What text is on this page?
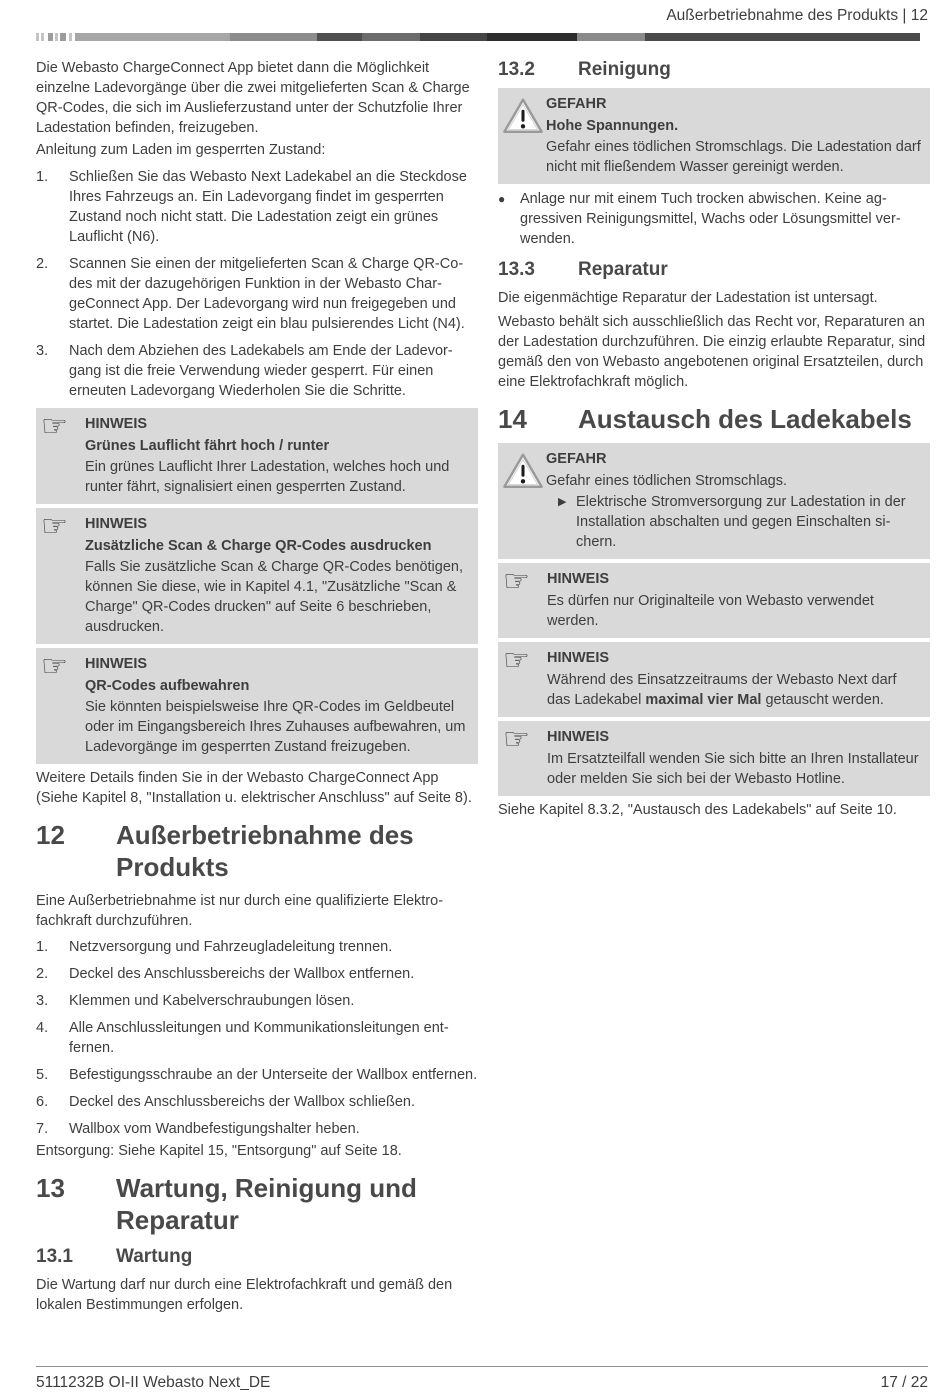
Außerbetriebnahme des Produkts | 12

Die Webasto ChargeConnect App bietet dann die Möglichkeit einzelne Ladevorgänge über die zwei mitgelieferten Scan & Charge QR-Codes, die sich im Auslieferzustand unter der Schutzfolie Ihrer Ladestation befinden, freizugeben.

Anleitung zum Laden im gesperrten Zustand:

1.	Schließen Sie das Webasto Next Ladekabel an die Steckdose Ihres Fahrzeugs an. Ein Ladevorgang findet im gesperrten Zustand noch nicht statt. Die Ladestation zeigt ein grünes Lauflicht (N6).
2.	Scannen Sie einen der mitgelieferten Scan & Charge QR-Codes mit der dazugehörigen Funktion in der Webasto ChargeConnect App. Der Ladevorgang wird nun freigegeben und startet. Die Ladestation zeigt ein blau pulsierendes Licht (N4).
3.	Nach dem Abziehen des Ladekabels am Ende der Ladevorgang ist die freie Verwendung wieder gesperrt. Für einen erneuten Ladevorgang Wiederholen Sie die Schritte.
☞	HINWEIS
Grünes Lauflicht fährt hoch / runter
Ein grünes Lauflicht Ihrer Ladestation, welches hoch und runter fährt, signalisiert einen gesperrten Zustand.
☞	HINWEIS
Zusätzliche Scan & Charge QR-Codes ausdrucken
Falls Sie zusätzliche Scan & Charge QR-Codes benötigen, können Sie diese, wie in Kapitel 4.1, "Zusätzliche "Scan & Charge" QR-Codes drucken" auf Seite 6 beschrieben, ausdrucken.
☞	HINWEIS
QR-Codes aufbewahren
Sie könnten beispielsweise Ihre QR-Codes im Geldbeutel oder im Eingangsbereich Ihres Zuhauses aufbewahren, um Ladevorgänge im gesperrten Zustand freizugeben.

Weitere Details finden Sie in der Webasto ChargeConnect App (Siehe Kapitel 8, "Installation u. elektrischer Anschluss" auf Seite 8).

12	Außerbetriebnahme des Produkts

Eine Außerbetriebnahme ist nur durch eine qualifizierte Elektrofachkraft durchzuführen.

1.	Netzversorgung und Fahrzeugladeleitung trennen.
2.	Deckel des Anschlussbereichs der Wallbox entfernen.
3.	Klemmen und Kabelverschraubungen lösen.
4.	Alle Anschlussleitungen und Kommunikationsleitungen entfernen.
5.	Befestigungsschraube an der Unterseite der Wallbox entfernen.
6.	Deckel des Anschlussbereichs der Wallbox schließen.
7.	Wallbox vom Wandbefestigungshalter heben.

Entsorgung: Siehe Kapitel 15, "Entsorgung" auf Seite 18.

13	Wartung, Reinigung und Reparatur
13.1	Wartung

Die Wartung darf nur durch eine Elektrofachkraft und gemäß den lokalen Bestimmungen erfolgen.

13.2	Reinigung
GEFAHR
Hohe Spannungen.
Gefahr eines tödlichen Stromschlags. Die Ladestation darf nicht mit fließendem Wasser gereinigt werden.
●	Anlage nur mit einem Tuch trocken abwischen. Keine aggressiven Reinigungsmittel, Wachs oder Lösungsmittel verwenden.
13.3	Reparatur

Die eigenmächtige Reparatur der Ladestation ist untersagt.

Webasto behält sich ausschließlich das Recht vor, Reparaturen an der Ladestation durchzuführen. Die einzig erlaubte Reparatur, sind gemäß den von Webasto angebotenen original Ersatzteilen, durch eine Elektrofachkraft möglich.

14	Austausch des Ladekabels
GEFAHR
Gefahr eines tödlichen Stromschlags.
▶ Elektrische Stromversorgung zur Ladestation in der Installation abschalten und gegen Einschalten sichern.
☞	HINWEIS
Es dürfen nur Originalteile von Webasto verwendet werden.
☞	HINWEIS
Während des Einsatzzeitraums der Webasto Next darf das Ladekabel maximal vier Mal getauscht werden.
☞	HINWEIS
Im Ersatzteilfall wenden Sie sich bitte an Ihren Installateur oder melden Sie sich bei der Webasto Hotline.

Siehe Kapitel 8.3.2, "Austausch des Ladekabels" auf Seite 10.

5111232B OI-II Webasto Next_DE	17 / 22
